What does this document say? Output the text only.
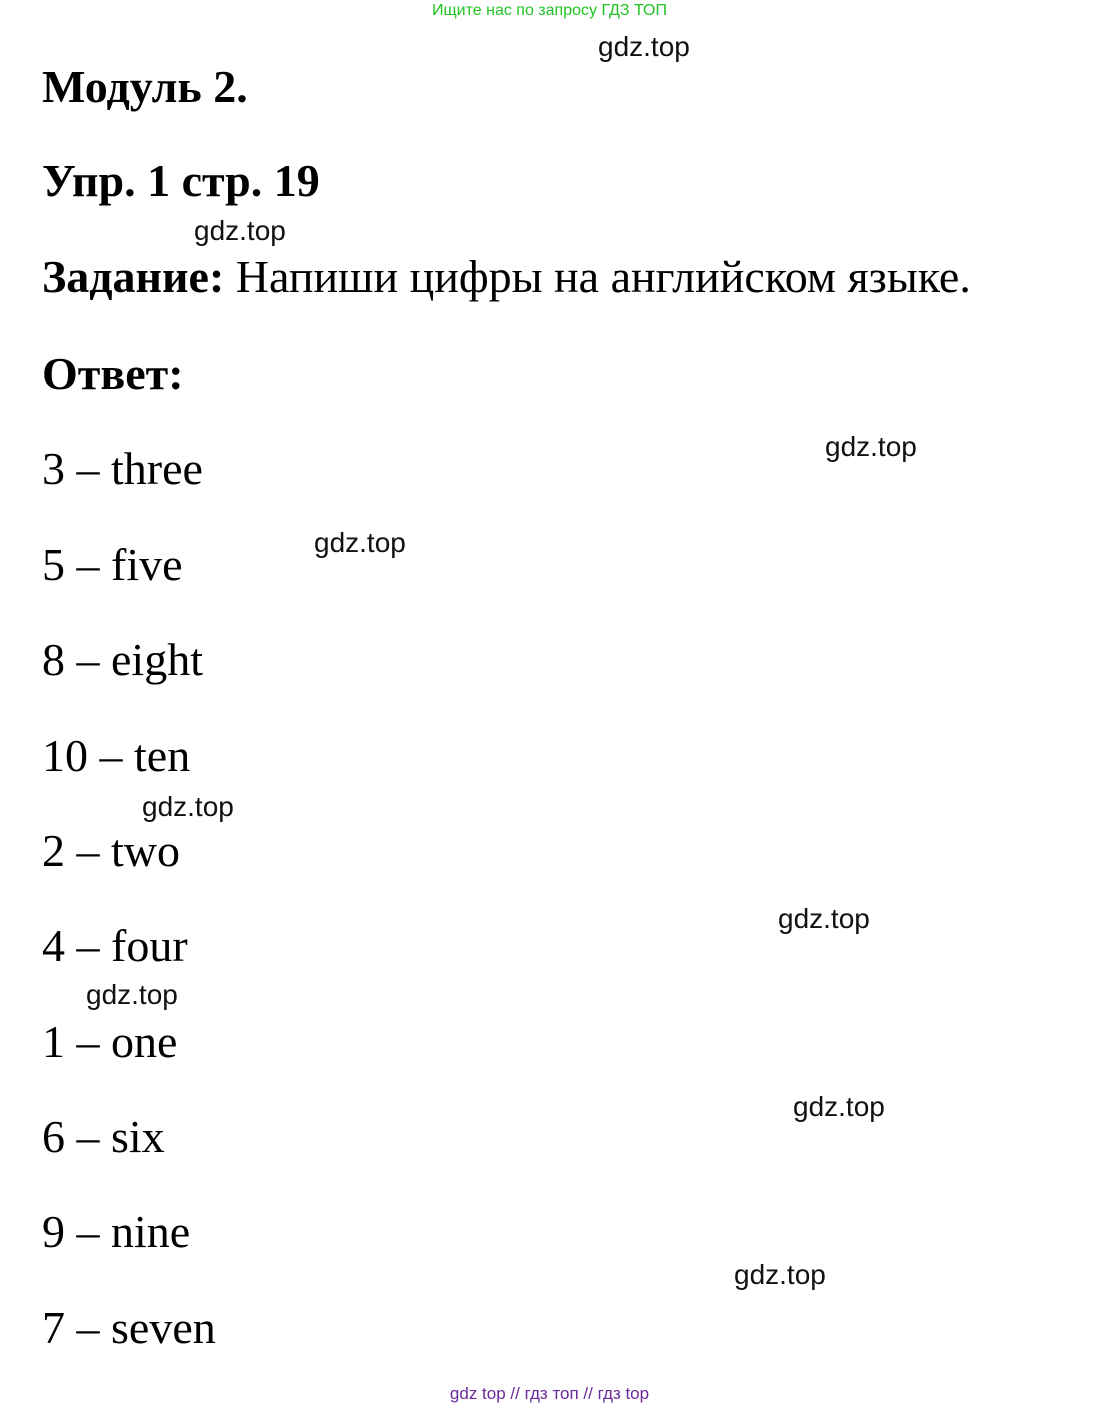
Ищите нас по запросу ГДЗ ТОП
Модуль 2.
Упр. 1 стр. 19
Задание: Напиши цифры на английском языке.
Ответ:
3 – three
5 – five
8 – eight
10 – ten
2 – two
4 – four
1 – one
6 – six
9 – nine
7 – seven
gdz.top
gdz.top
gdz.top
gdz.top
gdz.top
gdz.top
gdz.top
gdz.top
gdz.top
gdz top // гдз топ // гдз top
